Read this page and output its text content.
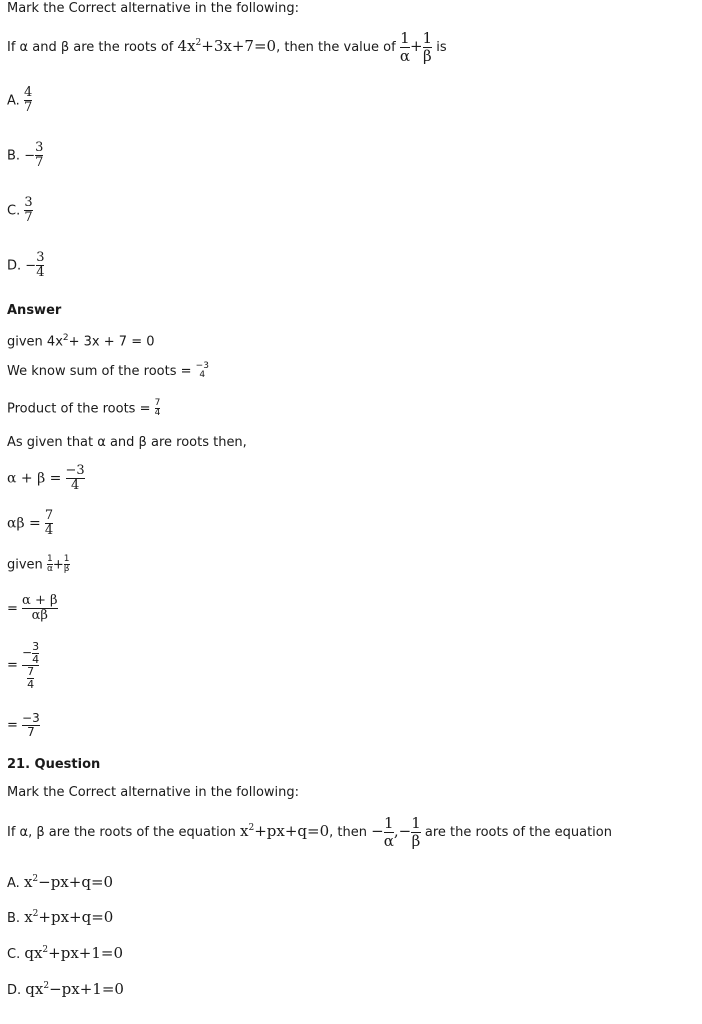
Mark the Correct alternative in the following:
If α and β are the roots of $4x^2+3x+7=0$, then the value of $\frac{1}{\alpha} + \frac{1}{\beta}$ is
A. $\frac{4}{7}$
B. − $\frac{3}{7}$
C. $\frac{3}{7}$
D. − $\frac{3}{4}$
Answer
given $4x^2+ 3x + 7 = 0$
We know sum of the roots = −3
4
Product of the roots = $\frac{7}{4}$
As given that α and β are roots then,
$\alpha + \beta = \frac{-3}{4}$
$\alpha\beta = \frac{7}{4}$
given $\frac{1}{\alpha} + \frac{1}{\beta}$
= $\frac{\alpha + \beta}{\alpha\beta}$
= $\frac{- \frac{3}{4}}{\frac{7}{4}}$
= $\frac{-3}{7}$
21. Question
Mark the Correct alternative in the following:
If α, β are the roots of the equation $x^2+px+q=0$, then − $\frac{1}{\alpha}$ ,− $\frac{1}{\beta}$ are the roots of the equation
A. $x^2-px+q=0$
B. $x^2+px+q=0$
C. $qx^2+px+1=0$
D. $qx^2-px+1=0$
